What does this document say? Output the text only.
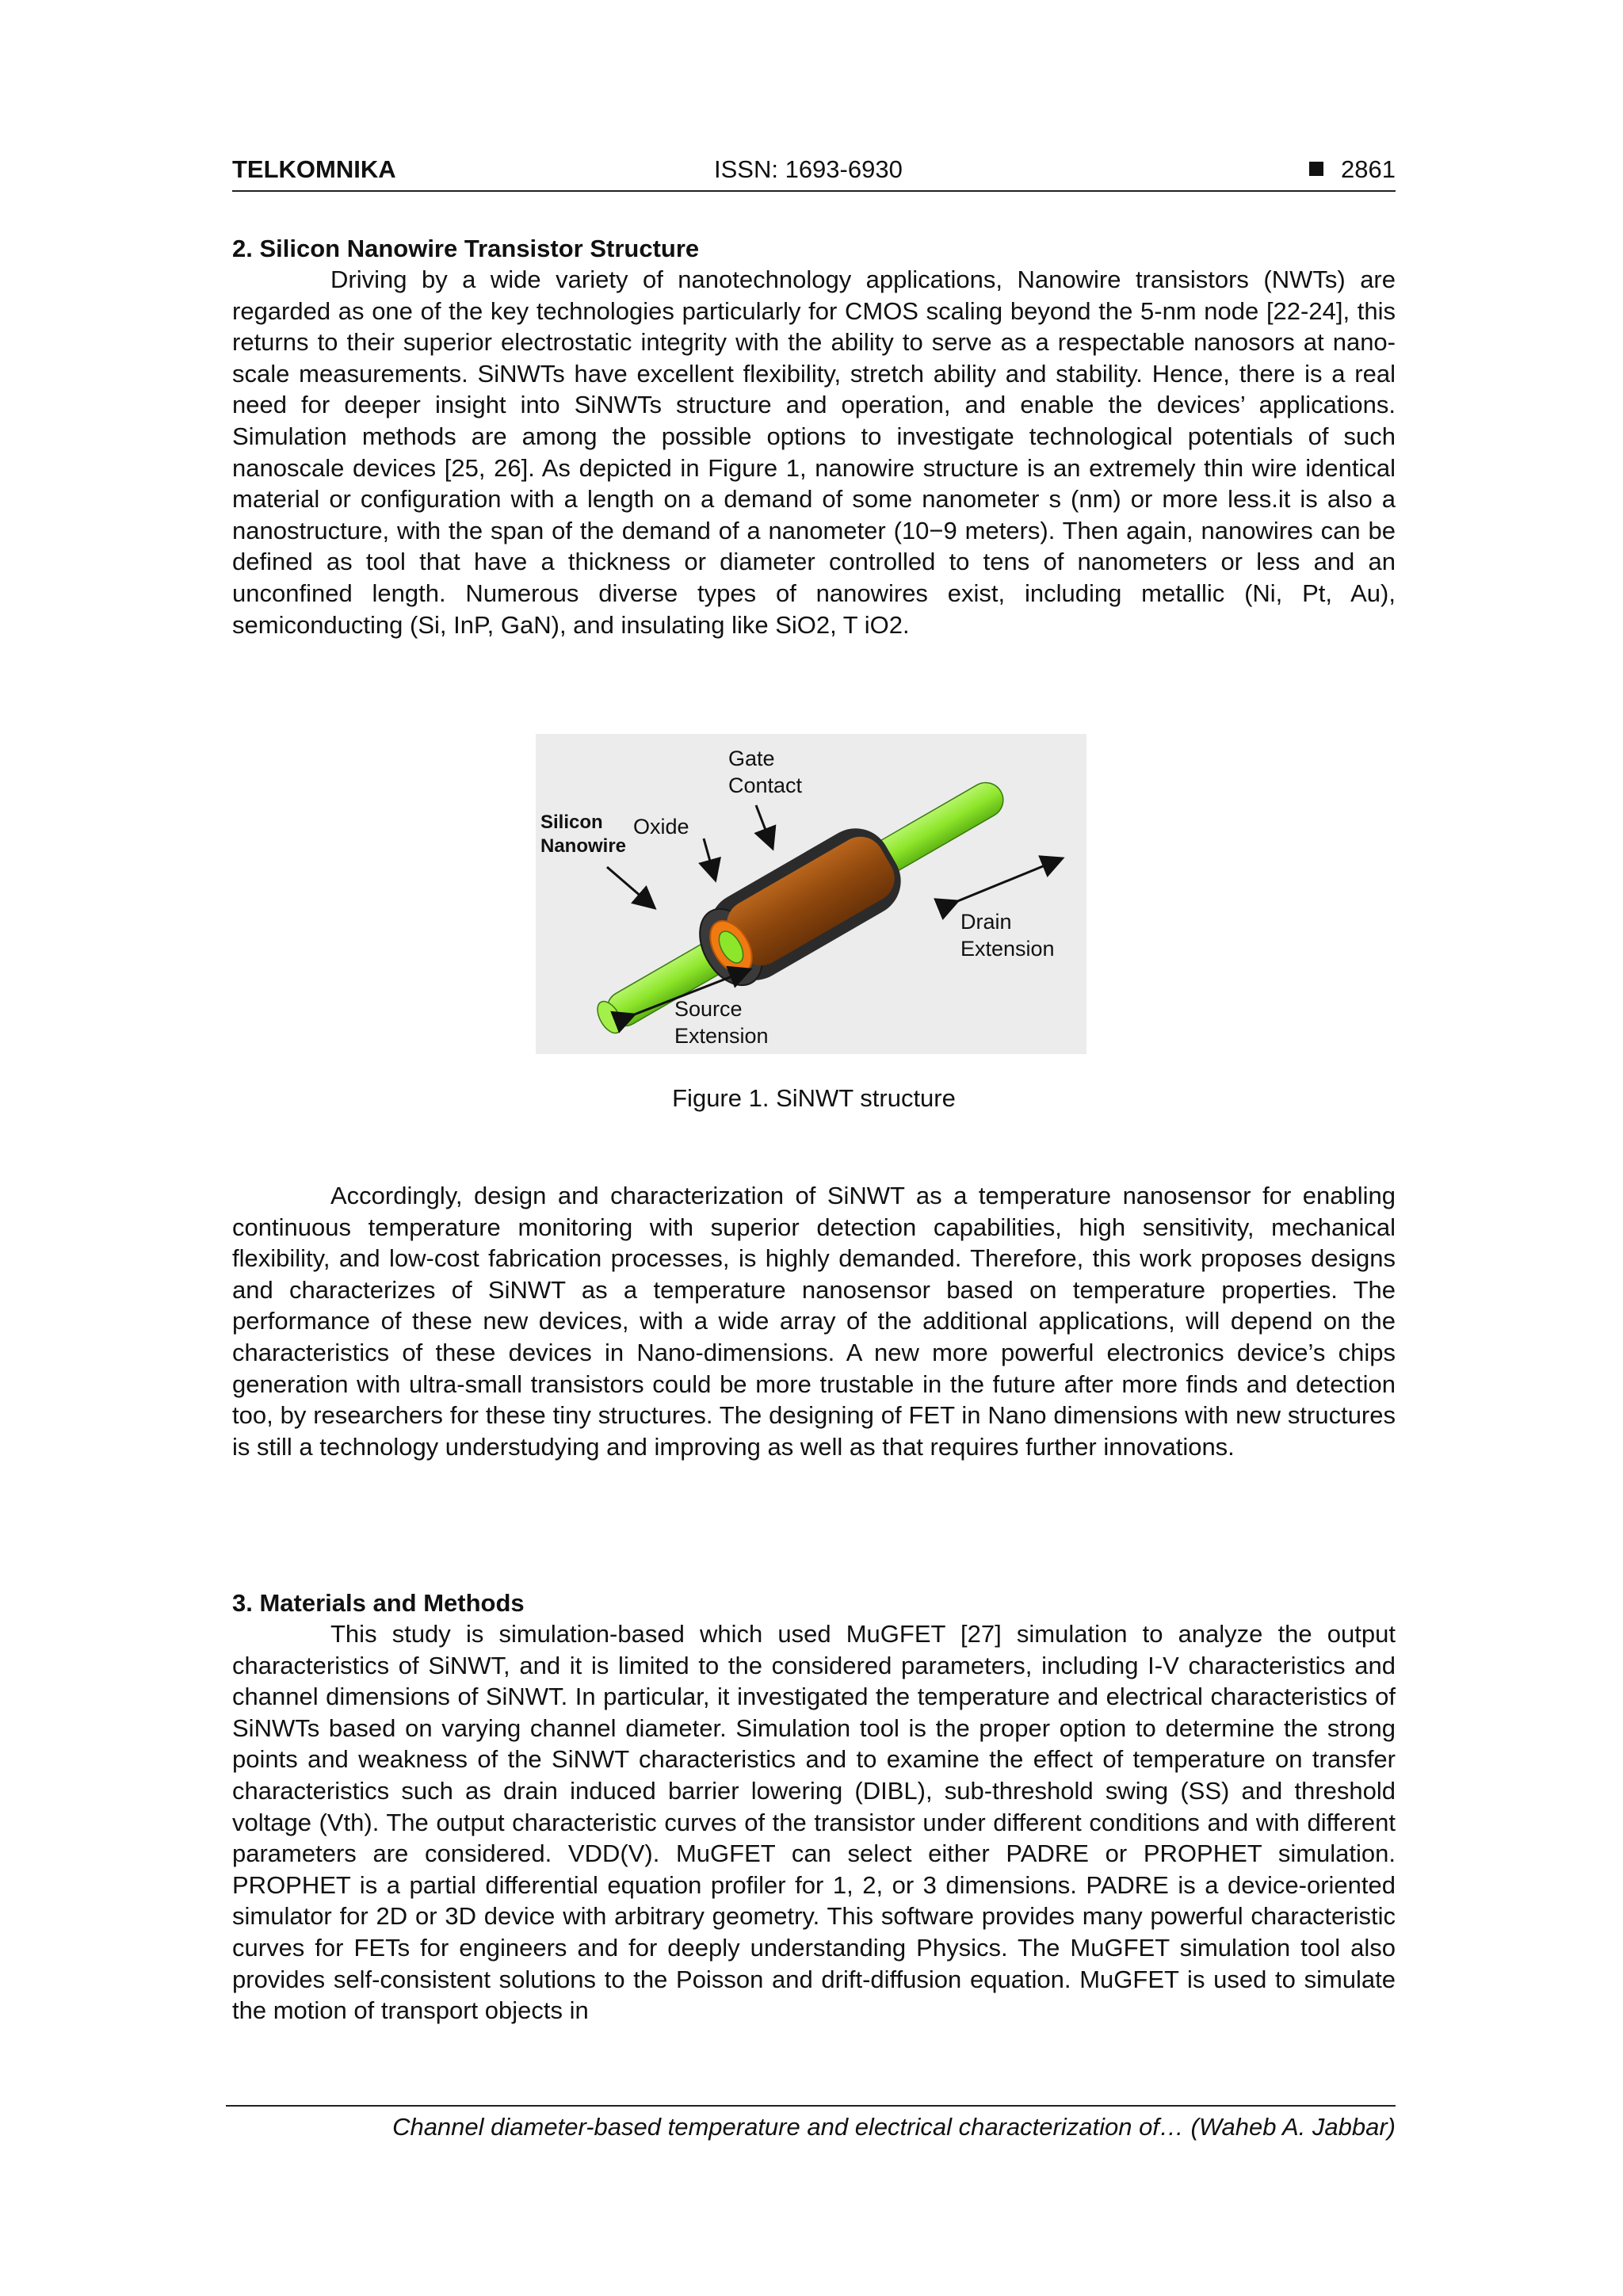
TELKOMNIKA	ISSN: 1693-6930	2861
2. Silicon Nanowire Transistor Structure

Driving by a wide variety of nanotechnology applications, Nanowire transistors (NWTs) are regarded as one of the key technologies particularly for CMOS scaling beyond the 5-nm node [22-24], this returns to their superior electrostatic integrity with the ability to serve as a respectable nanosors at nano-scale measurements. SiNWTs have excellent flexibility, stretch ability and stability. Hence, there is a real need for deeper insight into SiNWTs structure and operation, and enable the devices’ applications. Simulation methods are among the possible options to investigate technological potentials of such nanoscale devices [25, 26]. As depicted in Figure 1, nanowire structure is an extremely thin wire identical material or configuration with a length on a demand of some nanometer s (nm) or more less.it is also a nanostructure, with the span of the demand of a nanometer (10−9 meters). Then again, nanowires can be defined as tool that have a thickness or diameter controlled to tens of nanometers or less and an unconfined length. Numerous diverse types of nanowires exist, including metallic (Ni, Pt, Au), semiconducting (Si, InP, GaN), and insulating like SiO2, T iO2.

Gate
Contact
Silicon
Nanowire
Oxide
Drain
Extension
Source
Extension
Figure 1. SiNWT structure

Accordingly, design and characterization of SiNWT as a temperature nanosensor for enabling continuous temperature monitoring with superior detection capabilities, high sensitivity, mechanical flexibility, and low-cost fabrication processes, is highly demanded. Therefore, this work proposes designs and characterizes of SiNWT as a temperature nanosensor based on temperature properties. The performance of these new devices, with a wide array of the additional applications, will depend on the characteristics of these devices in Nano-dimensions. A new more powerful electronics device’s chips generation with ultra-small transistors could be more trustable in the future after more finds and detection too, by researchers for these tiny structures. The designing of FET in Nano dimensions with new structures is still a technology understudying and improving as well as that requires further innovations.

3. Materials and Methods

This study is simulation-based which used MuGFET [27] simulation to analyze the output characteristics of SiNWT, and it is limited to the considered parameters, including I-V characteristics and channel dimensions of SiNWT. In particular, it investigated the temperature and electrical characteristics of SiNWTs based on varying channel diameter. Simulation tool is the proper option to determine the strong points and weakness of the SiNWT characteristics and to examine the effect of temperature on transfer characteristics such as drain induced barrier lowering (DIBL), sub-threshold swing (SS) and threshold voltage (Vth). The output characteristic curves of the transistor under different conditions and with different parameters are considered. VDD(V). MuGFET can select either PADRE or PROPHET simulation. PROPHET is a partial differential equation profiler for 1, 2, or 3 dimensions. PADRE is a device-oriented simulator for 2D or 3D device with arbitrary geometry. This software provides many powerful characteristic curves for FETs for engineers and for deeply understanding Physics. The MuGFET simulation tool also provides self-consistent solutions to the Poisson and drift-diffusion equation. MuGFET is used to simulate the motion of transport objects in

Channel diameter-based temperature and electrical characterization of… (Waheb A. Jabbar)
